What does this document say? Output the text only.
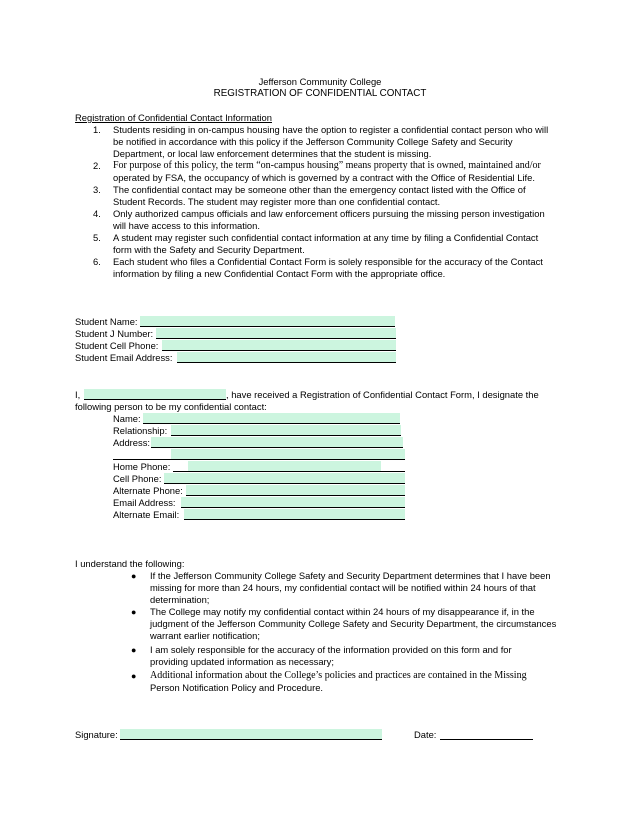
Jefferson Community College
REGISTRATION OF CONFIDENTIAL CONTACT
Registration of Confidential Contact Information
1.	Students residing in on-campus housing have the option to register a confidential contact person who will
be notified in accordance with this policy if the Jefferson Community College Safety and Security
Department, or local law enforcement determines that the student is missing.
2.	For purpose of this policy, the term “on-campus housing” means property that is owned, maintained and/or
operated by FSA, the occupancy of which is governed by a contract with the Office of Residential Life.
3.	The confidential contact may be someone other than the emergency contact listed with the Office of
Student Records. The student may register more than one confidential contact.
4.	Only authorized campus officials and law enforcement officers pursuing the missing person investigation
will have access to this information.
5.	A student may register such confidential contact information at any time by filing a Confidential Contact
form with the Safety and Security Department.
6.	Each student who files a Confidential Contact Form is solely responsible for the accuracy of the Contact
information by filing a new Confidential Contact Form with the appropriate office.
Student Name:
Student J Number:
Student Cell Phone:
Student Email Address:
I,	, have received a Registration of Confidential Contact Form, I designate the
following person to be my confidential contact:
Name:
Relationship:
Address:
Home Phone:
Cell Phone:
Alternate Phone:
Email Address:
Alternate Email:
I understand the following:
● If the Jefferson Community College Safety and Security Department determines that I have been
missing for more than 24 hours, my confidential contact will be notified within 24 hours of that
determination;
● The College may notify my confidential contact within 24 hours of my disappearance if, in the
judgment of the Jefferson Community College Safety and Security Department, the circumstances
warrant earlier notification;
● I am solely responsible for the accuracy of the information provided on this form and for
providing updated information as necessary;
● Additional information about the College’s policies and practices are contained in the Missing
Person Notification Policy and Procedure.
Signature:	Date:
